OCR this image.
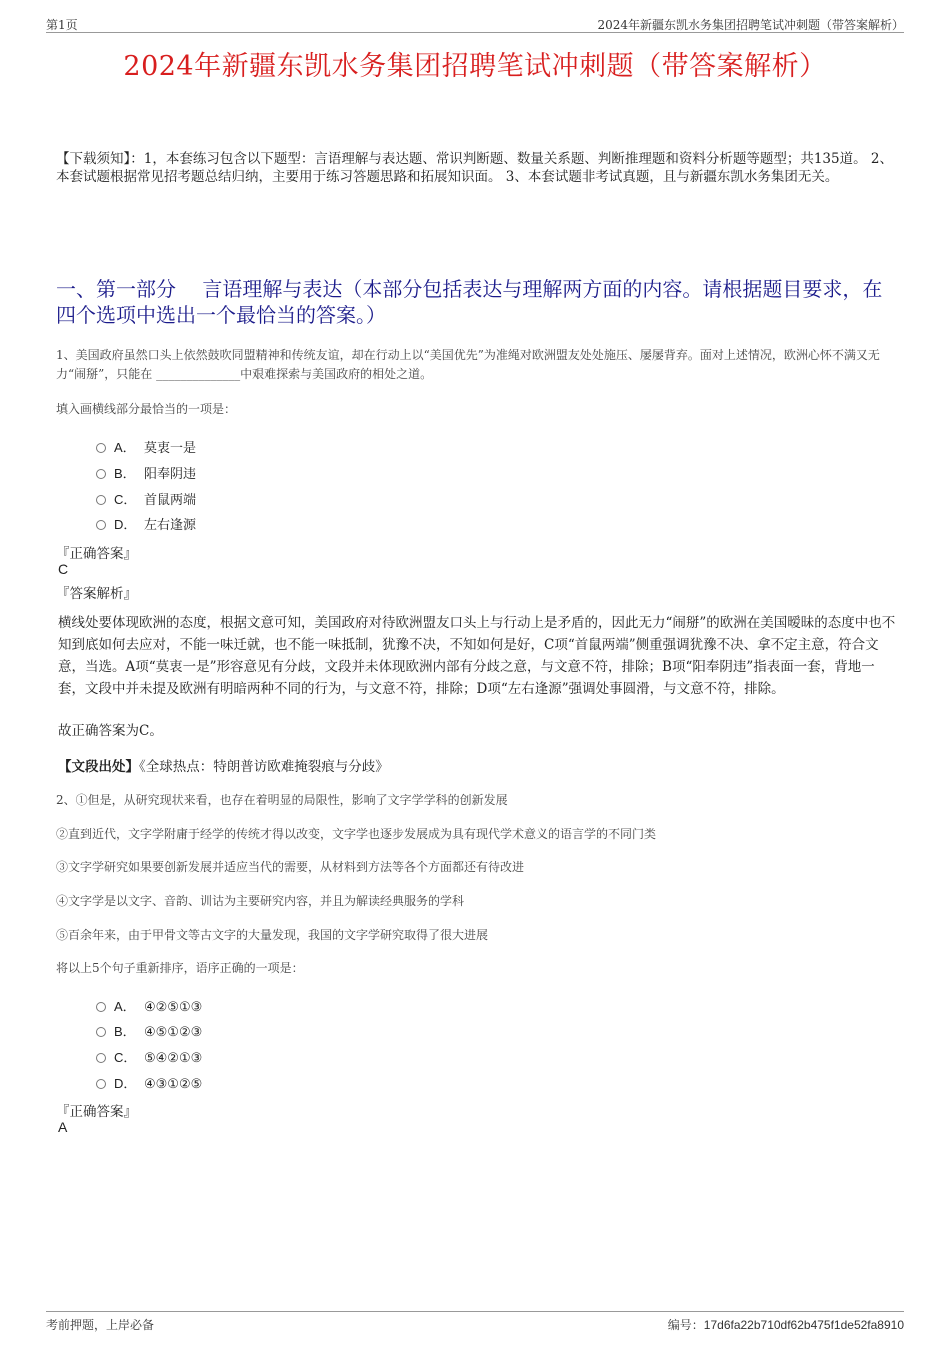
第1页	2024年新疆东凯水务集团招聘笔试冲刺题（带答案解析）
2024年新疆东凯水务集团招聘笔试冲刺题（带答案解析）
【下载须知】：1，本套练习包含以下题型：言语理解与表达题、常识判断题、数量关系题、判断推理题和资料分析题等题型；共135道。 2、本套试题根据常见招考题总结归纳，主要用于练习答题思路和拓展知识面。 3、本套试题非考试真题，且与新疆东凯水务集团无关。
一、第一部分　 言语理解与表达（本部分包括表达与理解两方面的内容。请根据题目要求，在四个选项中选出一个最恰当的答案。）
1、美国政府虽然口头上依然鼓吹同盟精神和传统友谊，却在行动上以“美国优先”为准绳对欧洲盟友处处施压、屡屡背弃。面对上述情况，欧洲心怀不满又无力“闹掰”，只能在 ______________中艰难探索与美国政府的相处之道。
填入画横线部分最恰当的一项是：
A． 莫衷一是
B． 阳奉阴违
C． 首鼠两端
D． 左右逢源
『正确答案』
C
『答案解析』
横线处要体现欧洲的态度，根据文意可知，美国政府对待欧洲盟友口头上与行动上是矛盾的，因此无力“闹掰”的欧洲在美国暧昧的态度中也不知到底如何去应对，不能一味迁就，也不能一味抵制，犹豫不决，不知如何是好，C项“首鼠两端”侧重强调犹豫不决、拿不定主意，符合文意，当选。A项“莫衷一是”形容意见有分歧，文段并未体现欧洲内部有分歧之意，与文意不符，排除；B项“阳奉阴违”指表面一套，背地一套，文段中并未提及欧洲有明暗两种不同的行为，与文意不符，排除；D项“左右逢源”强调处事圆滑，与文意不符，排除。
故正确答案为C。
【文段出处】《全球热点：特朗普访欧难掩裂痕与分歧》
2、①但是，从研究现状来看，也存在着明显的局限性，影响了文字学学科的创新发展
②直到近代，文字学附庸于经学的传统才得以改变，文字学也逐步发展成为具有现代学术意义的语言学的不同门类
③文字学研究如果要创新发展并适应当代的需要，从材料到方法等各个方面都还有待改进
④文字学是以文字、音韵、训诂为主要研究内容，并且为解读经典服务的学科
⑤百余年来，由于甲骨文等古文字的大量发现，我国的文字学研究取得了很大进展
将以上5个句子重新排序，语序正确的一项是：
A． ④②⑤①③
B． ④⑤①②③
C． ⑤④②①③
D． ④③①②⑤
『正确答案』
A
考前押题，上岸必备	编号：17d6fa22b710df62b475f1de52fa8910
